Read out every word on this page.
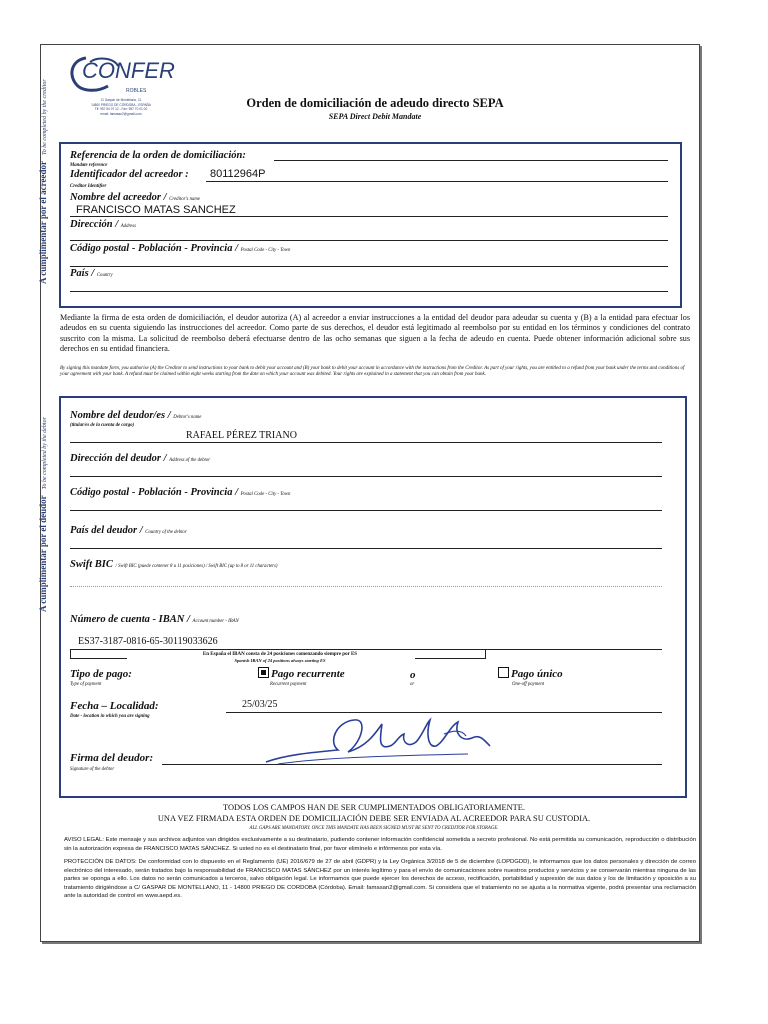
CONFER
ROBLES
C/ Gaspar de Montellano, 11
14800 PRIEGO DE CÓRDOBA - ESPAÑA
Tlf: 957 54 07 12 - Fax: 957 70 01 00
email: famasan2@gmail.com
Orden de domiciliación de adeudo directo SEPA
SEPA Direct Debit Mandate
A cumplimentar por el acreedorTo be completed by the creditor
Referencia de la orden de domiciliación:
Mandate reference
Identificador del acreedor :
Creditor Identifier
80112964P
Nombre del acreedor / Creditor's name
FRANCISCO MATAS SANCHEZ
Dirección / Address
Código postal - Población - Provincia / Postal Code - City - Town
País / Country
Mediante la firma de esta orden de domiciliación, el deudor autoriza (A) al acreedor a enviar instrucciones a la entidad del deudor para adeudar su cuenta y (B) a la entidad para efectuar los adeudos en su cuenta siguiendo las instrucciones del acreedor. Como parte de sus derechos, el deudor está legitimado al reembolso por su entidad en los términos y condiciones del contrato suscrito con la misma. La solicitud de reembolso deberá efectuarse dentro de las ocho semanas que siguen a la fecha de adeudo en cuenta. Puede obtener información adicional sobre sus derechos en su entidad financiera.
By signing this mandate form, you authorise (A) the Creditor to send instructions to your bank to debit your account and (B) your bank to debit your account in accordance with the instructions from the Creditor. As part of your rights, you are entitled to a refund from your bank under the terms and conditions of your agreement with your bank. A refund must be claimed within eight weeks starting from the date on which your account was debited. Your rights are explained in a statement that you can obtain from your bank.
A cumplimentar por el deudorTo be completed by the debtor
Nombre del deudor/es / Debtor's name
(titular/es de la cuenta de cargo)
RAFAEL PÉREZ TRIANO
Dirección del deudor / Address of the debtor
Código postal - Población - Provincia / Postal Code - City - Town
País del deudor / Country of the debtor
Swift BIC / Swift BIC (puede contener 8 u 11 posiciones) / Swift BIC (up to 8 or 11 characters)
Número de cuenta - IBAN / Account number - IBAN
ES37-3187-0816-65-30119033626
En España el IBAN consta de 24 posiciones comenzando siempre por ES
Spanish IBAN of 24 positions always starting ES
Tipo de pago:
Type of payment
Pago recurrente
Recurrent payment
o
or
Pago único
One-off payment
Fecha – Localidad:
Date - location in which you are signing
25/03/25
Firma del deudor:
Signature of the debtor
TODOS LOS CAMPOS HAN DE SER CUMPLIMENTADOS OBLIGATORIAMENTE.
UNA VEZ FIRMADA ESTA ORDEN DE DOMICILIACIÓN DEBE SER ENVIADA AL ACREEDOR PARA SU CUSTODIA.
ALL GAPS ARE MANDATORY. ONCE THIS MANDATE HAS BEEN SIGNED MUST BE SENT TO CREDITOR FOR STORAGE.
AVISO LEGAL: Este mensaje y sus archivos adjuntos van dirigidos exclusivamente a su destinatario, pudiendo contener información confidencial sometida a secreto profesional. No está permitida su comunicación, reproducción o distribución sin la autorización expresa de FRANCISCO MATAS SÁNCHEZ. Si usted no es el destinatario final, por favor elimínelo e infórmenos por esta vía.
PROTECCIÓN DE DATOS: De conformidad con lo dispuesto en el Reglamento (UE) 2016/679 de 27 de abril (GDPR) y la Ley Orgánica 3/2018 de 5 de diciembre (LOPDGDD), le informamos que los datos personales y dirección de correo electrónico del interesado, serán tratados bajo la responsabilidad de FRANCISCO MATAS SÁNCHEZ por un interés legítimo y para el envío de comunicaciones sobre nuestros productos y servicios y se conservarán mientras ninguna de las partes se oponga a ello. Los datos no serán comunicados a terceros, salvo obligación legal. Le informamos que puede ejercer los derechos de acceso, rectificación, portabilidad y supresión de sus datos y los de limitación y oposición a su tratamiento dirigiéndose a C/ GASPAR DE MONTELLANO, 11 - 14800 PRIEGO DE CORDOBA (Córdoba). Email: famasan2@gmail.com. Si considera que el tratamiento no se ajusta a la normativa vigente, podrá presentar una reclamación ante la autoridad de control en www.aepd.es.
